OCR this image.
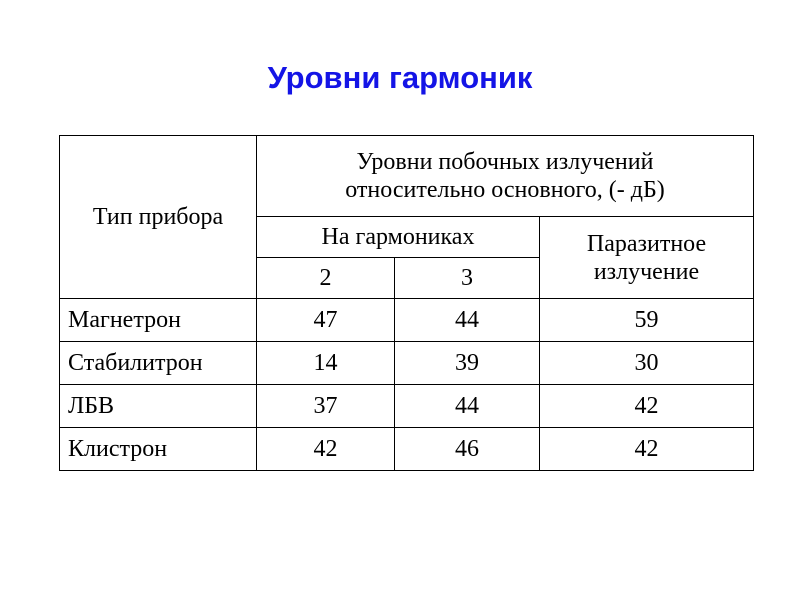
Уровни гармоник
Тип прибора	Уровни побочных излучений
относительно основного, (- дБ)		

	На гармониках		Паразитное
излучение

	2	3	
Магнетрон	47	44	59
Стабилитрон	14	39	30
ЛБВ	37	44	42
Клистрон	42	46	42
